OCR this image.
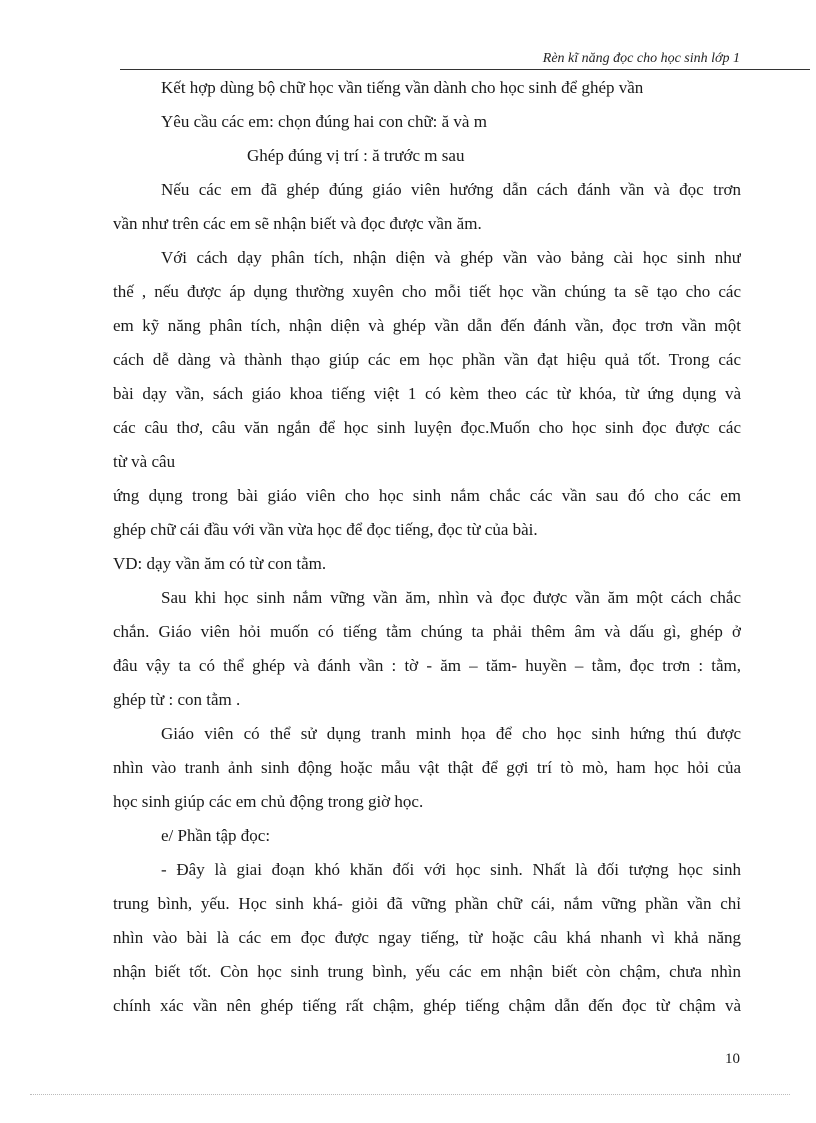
Rèn kĩ năng đọc cho học sinh lớp 1
Kết hợp dùng bộ chữ học vần tiếng vần dành cho học sinh để ghép vần
Yêu cầu các em: chọn đúng hai con chữ: ă và m
Ghép đúng vị trí : ă trước m sau
Nếu các em đã ghép đúng giáo viên hướng dẫn cách đánh vần và đọc trơn
vần như trên các em sẽ nhận biết và đọc được vần ăm.
Với cách dạy phân tích, nhận diện và ghép vần vào bảng cài học sinh như
thế , nếu được áp dụng thường xuyên cho mỗi tiết học vần chúng ta sẽ tạo cho các
em kỹ năng phân tích, nhận diện và ghép vần dẫn đến đánh vần, đọc trơn vần một
cách dễ dàng và thành thạo giúp các em học phần vần đạt hiệu quả tốt. Trong các
bài dạy vần, sách giáo khoa tiếng việt 1 có kèm theo các từ khóa, từ ứng dụng và
các câu thơ, câu văn ngắn để học sinh luyện đọc.Muốn cho học sinh đọc được các
từ và câu
ứng dụng trong bài giáo viên cho học sinh nắm chắc các vần sau đó cho các em
ghép chữ cái đầu với vần vừa học để đọc tiếng, đọc từ của bài.
VD: dạy vần ăm có từ con tằm.
Sau khi học sinh nắm vững vần ăm, nhìn và đọc được vần ăm một cách chắc
chắn. Giáo viên hỏi muốn có tiếng tằm chúng ta phải thêm âm và dấu gì, ghép ở
đâu vậy ta có thể ghép và đánh vần : tờ - ăm – tăm- huyền – tằm, đọc trơn : tằm,
ghép từ : con tằm .
Giáo viên có thể sử dụng tranh minh họa để cho học sinh hứng thú được
nhìn vào tranh ảnh sinh động hoặc mẫu vật thật để gợi trí tò mò, ham học hỏi của
học sinh giúp các em chủ động trong giờ học.
e/ Phần tập đọc:
- Đây là giai đoạn khó khăn đối với học sinh. Nhất là đối tượng học sinh
trung bình, yếu. Học sinh khá- giỏi đã vững phần chữ cái, nắm vững phần vần chỉ
nhìn vào bài là các em đọc được ngay tiếng, từ hoặc câu khá nhanh vì khả năng
nhận biết tốt. Còn học sinh trung bình, yếu các em nhận biết còn chậm, chưa nhìn
chính xác vần nên ghép tiếng rất chậm, ghép tiếng chậm dẫn đến đọc từ chậm và
10
